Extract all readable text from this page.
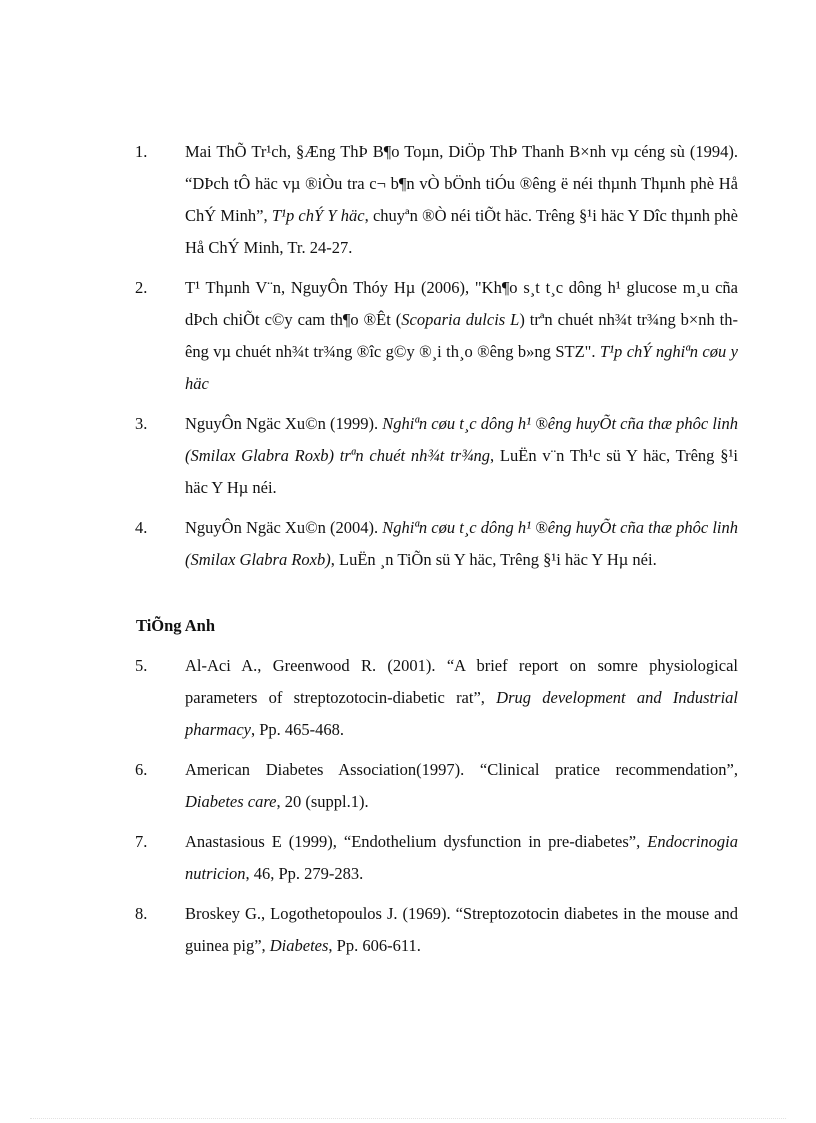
1. Mai ThÕ Tr¹ch, §Æng ThÞ B¶o Toµn, DiÖp ThÞ Thanh B×nh vµ céng sù (1994). “DÞch tÔ häc vµ ®iÒu tra c¬ b¶n vÒ bÖnh tiÓu ®êng ë néi thµnh Thµnh phè Hå ChÝ Minh”, T¹p chÝ Y häc, chuyªn ®Ò néi tiÕt häc. Trêng §¹i häc Y Dîc thµnh phè Hå ChÝ Minh, Tr. 24-27.
2. T¹ Thµnh V¨n, NguyÔn Thóy Hµ (2006), "Kh¶o s¸t t¸c dông h¹ glucose m¸u cña dÞch chiÕt c©y cam th¶o ®Êt (Scoparia dulcis L) trªn chuét nh¾t tr¾ng b×nh thêng vµ chuét nh¾t tr¾ng ®îc g©y ®¸i th¸o ®êng b»ng STZ". T¹p chÝ nghiªn cøu y häc
3. NguyÔn Ngäc Xu©n (1999). Nghiªn cøu t¸c dông h¹ ®êng huyÕt cña thæ phôc linh (Smilax Glabra Roxb) trªn chuét nh¾t tr¾ng, LuËn v¨n Th¹c sü Y häc, Trêng §¹i häc Y Hµ néi.
4. NguyÔn Ngäc Xu©n (2004). Nghiªn cøu t¸c dông h¹ ®êng huyÕt cña thæ phôc linh (Smilax Glabra Roxb), LuËn ¸n TiÕn sü Y häc, Trêng §¹i häc Y Hµ néi.
TiÕng Anh
5. Al-Aci A., Greenwood R. (2001). “A brief report on somre physiological parameters of streptozotocin-diabetic rat”, Drug development and Industrial pharmacy, Pp. 465-468.
6. American Diabetes Association(1997). “Clinical pratice recommendation”, Diabetes care, 20 (suppl.1).
7. Anastasious E (1999), “Endothelium dysfunction in pre-diabetes”, Endocrinogia nutricion, 46, Pp. 279-283.
8. Broskey G., Logothetopoulos J. (1969). “Streptozotocin diabetes in the mouse and guinea pig”, Diabetes, Pp. 606-611.
